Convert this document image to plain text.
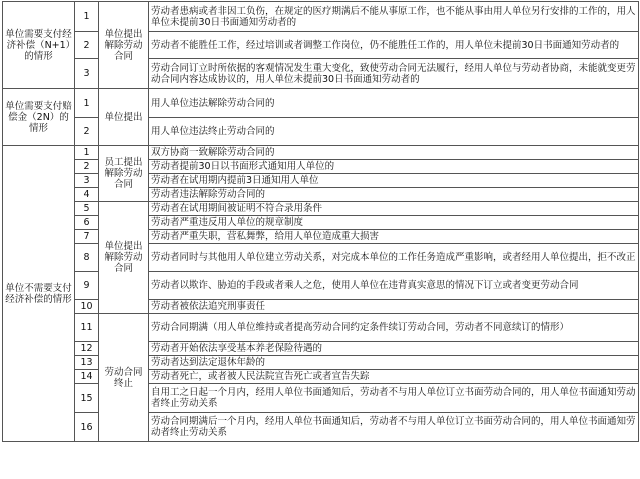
单位需要支付经济补偿（N+1）的情形	1	单位提出解除劳动合同	劳动者患病或者非因工负伤，在规定的医疗期满后不能从事原工作，也不能从事由用人单位另行安排的工作的，用人单位未提前30日书面通知劳动者的
	2		劳动者不能胜任工作，经过培训或者调整工作岗位，仍不能胜任工作的，用人单位未提前30日书面通知劳动者的
	3		劳动合同订立时所依据的客观情况发生重大变化，致使劳动合同无法履行，经用人单位与劳动者协商，未能就变更劳动合同内容达成协议的，用人单位未提前30日书面通知劳动者的
单位需要支付赔偿金（2N）的情形	1	单位提出	用人单位违法解除劳动合同的
	2		用人单位违法终止劳动合同的
单位不需要支付经济补偿的情形	1	员工提出解除劳动合同	双方协商一致解除劳动合同的
	2		劳动者提前30日以书面形式通知用人单位的
	3		劳动者在试用期内提前3日通知用人单位
	4		劳动者违法解除劳动合同的
	5	单位提出解除劳动合同	劳动者在试用期间被证明不符合录用条件
	6		劳动者严重违反用人单位的规章制度
	7		劳动者严重失职，营私舞弊，给用人单位造成重大损害
	8		劳动者同时与其他用人单位建立劳动关系，对完成本单位的工作任务造成严重影响，或者经用人单位提出，拒不改正
	9		劳动者以欺诈、胁迫的手段或者乘人之危，使用人单位在违背真实意思的情况下订立或者变更劳动合同
	10		劳动者被依法追究刑事责任
	11	劳动合同终止	劳动合同期满（用人单位维持或者提高劳动合同约定条件续订劳动合同，劳动者不同意续订的情形）
	12		劳动者开始依法享受基本养老保险待遇的
	13		劳动者达到法定退休年龄的
	14		劳动者死亡，或者被人民法院宣告死亡或者宣告失踪
	15		自用工之日起一个月内，经用人单位书面通知后，劳动者不与用人单位订立书面劳动合同的，用人单位书面通知劳动者终止劳动关系
	16		劳动合同期满后一个月内，经用人单位书面通知后，劳动者不与用人单位订立书面劳动合同的，用人单位书面通知劳动者终止劳动关系
